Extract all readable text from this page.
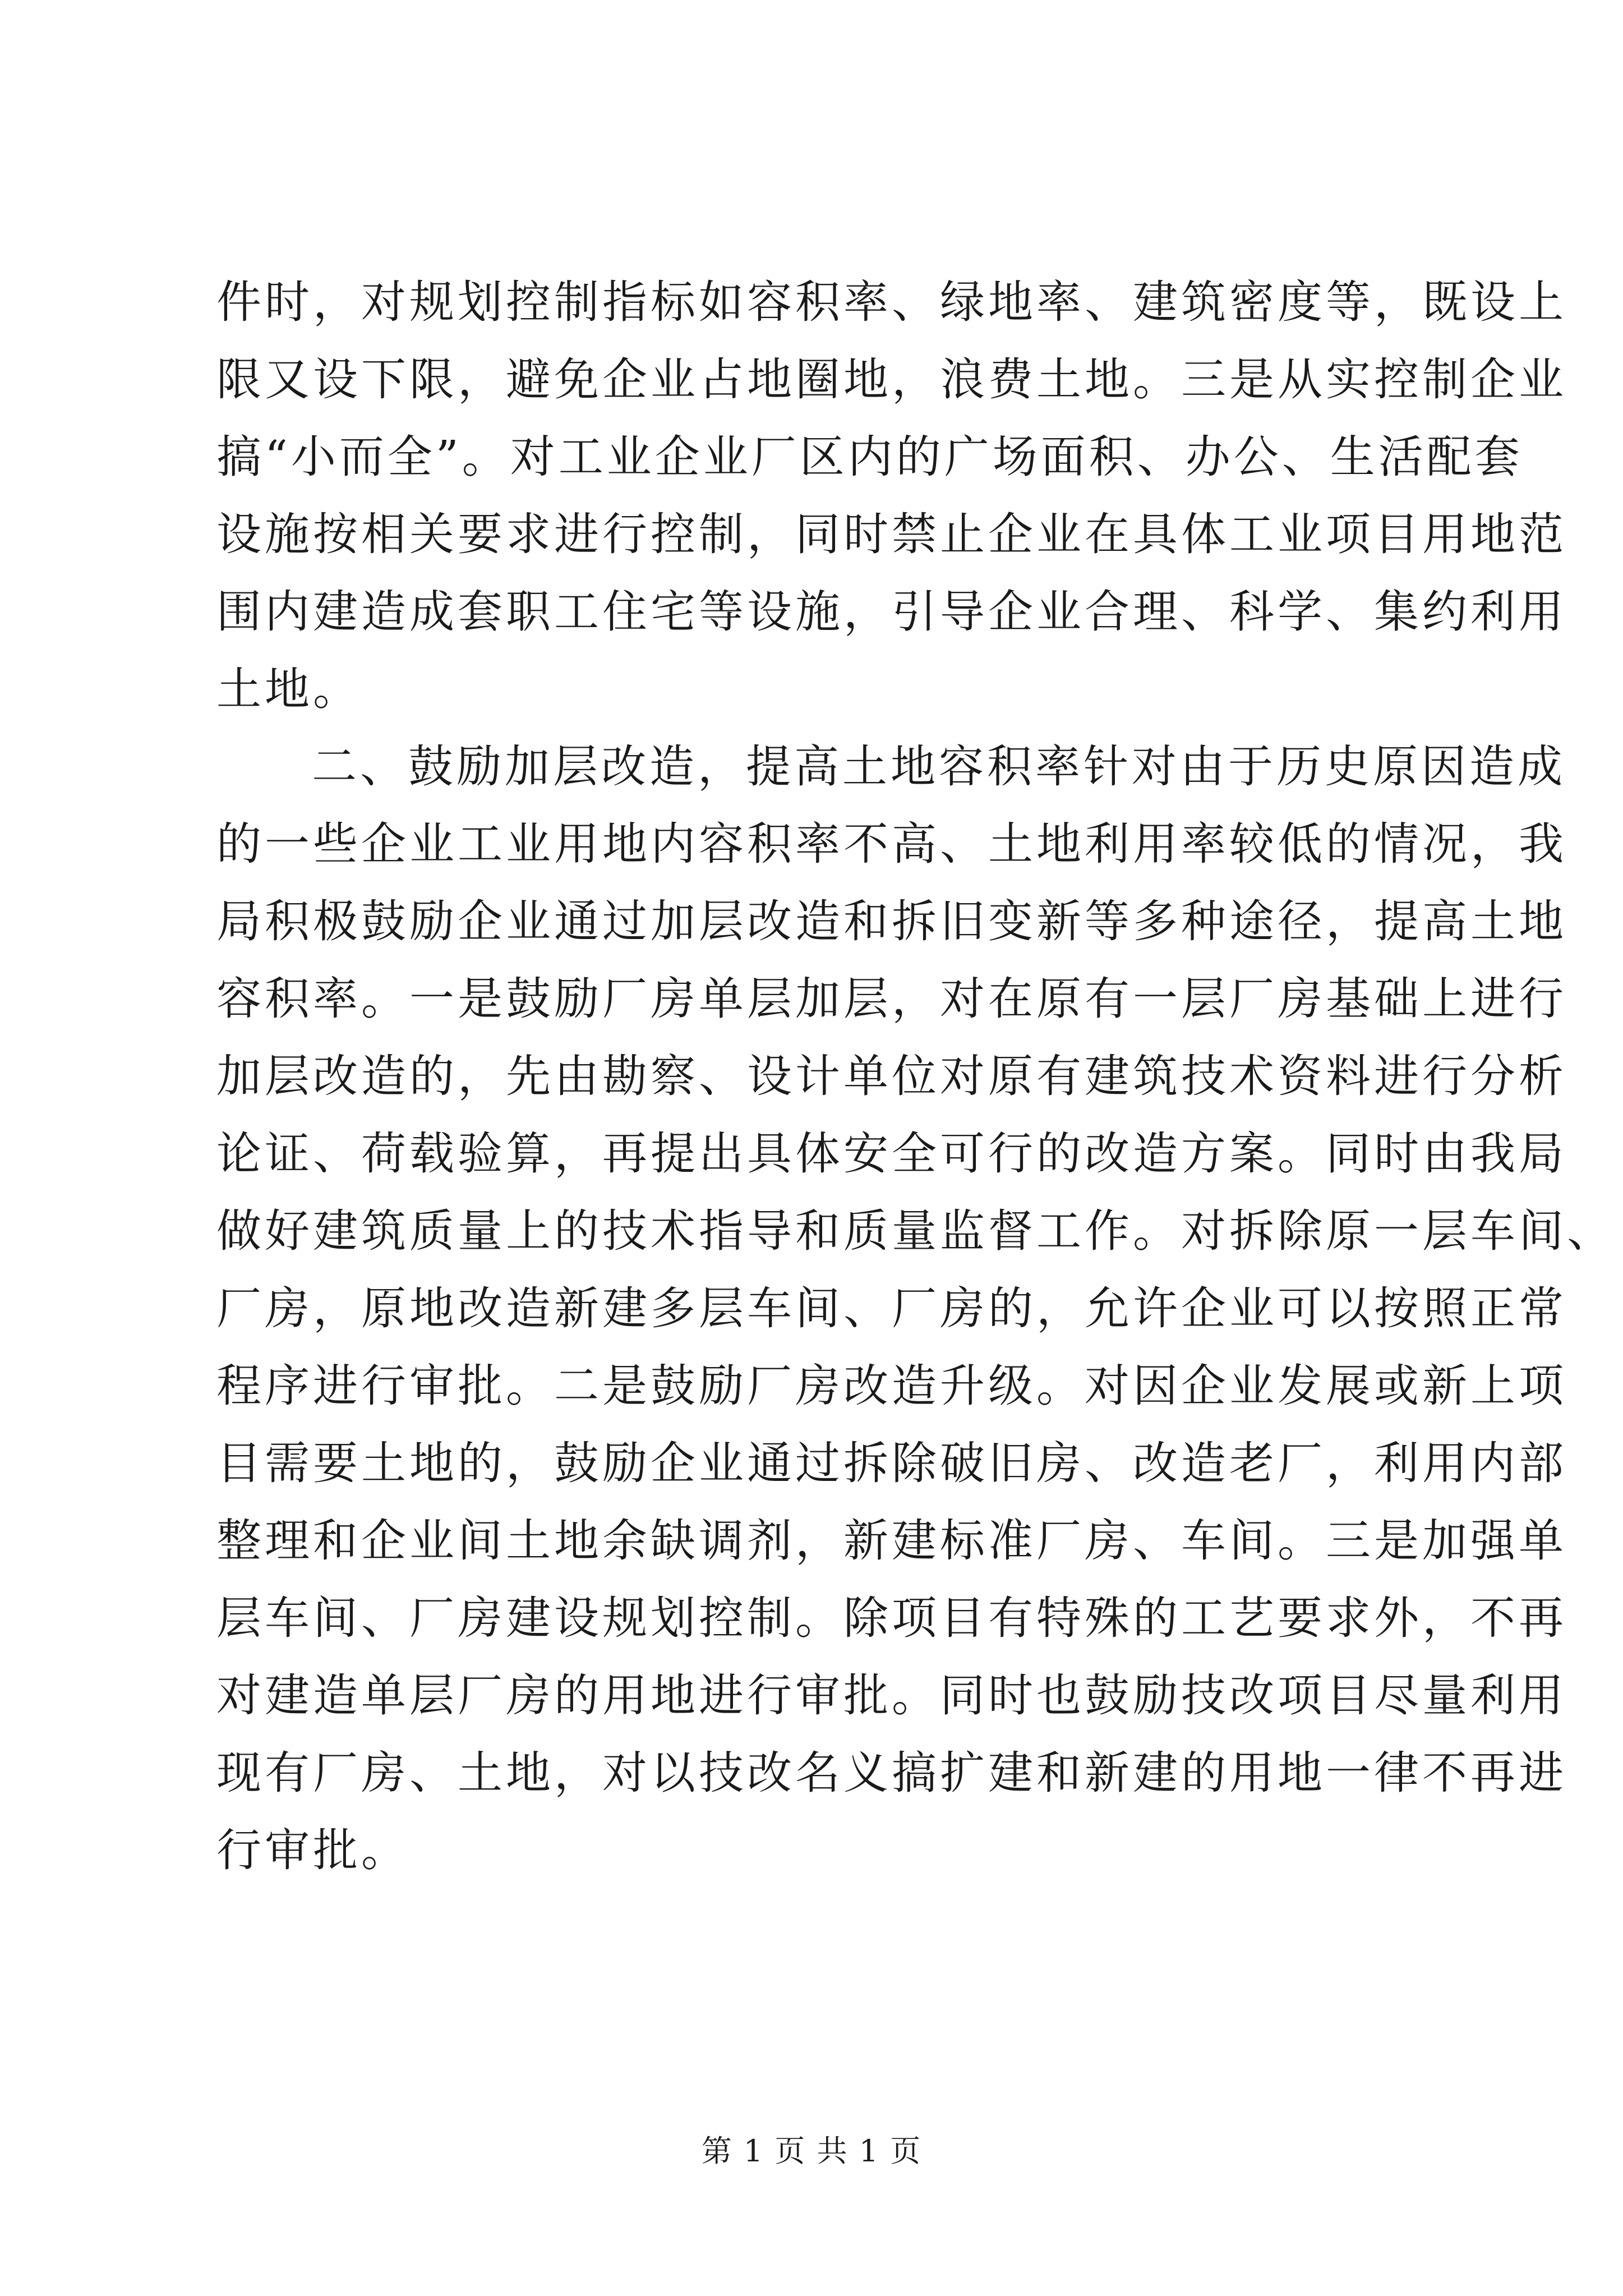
件时，对规划控制指标如容积率、绿地率、建筑密度等，既设上
限又设下限，避免企业占地圈地，浪费土地。三是从实控制企业
搞“小而全”。对工业企业厂区内的广场面积、办公、生活配套
设施按相关要求进行控制，同时禁止企业在具体工业项目用地范
围内建造成套职工住宅等设施，引导企业合理、科学、集约利用
土地。
二、鼓励加层改造，提高土地容积率针对由于历史原因造成
的一些企业工业用地内容积率不高、土地利用率较低的情况，我
局积极鼓励企业通过加层改造和拆旧变新等多种途径，提高土地
容积率。一是鼓励厂房单层加层，对在原有一层厂房基础上进行
加层改造的，先由勘察、设计单位对原有建筑技术资料进行分析
论证、荷载验算，再提出具体安全可行的改造方案。同时由我局
做好建筑质量上的技术指导和质量监督工作。对拆除原一层车间、
厂房，原地改造新建多层车间、厂房的，允许企业可以按照正常
程序进行审批。二是鼓励厂房改造升级。对因企业发展或新上项
目需要土地的，鼓励企业通过拆除破旧房、改造老厂，利用内部
整理和企业间土地余缺调剂，新建标准厂房、车间。三是加强单
层车间、厂房建设规划控制。除项目有特殊的工艺要求外，不再
对建造单层厂房的用地进行审批。同时也鼓励技改项目尽量利用
现有厂房、土地，对以技改名义搞扩建和新建的用地一律不再进
行审批。
第 1 页 共 1 页
